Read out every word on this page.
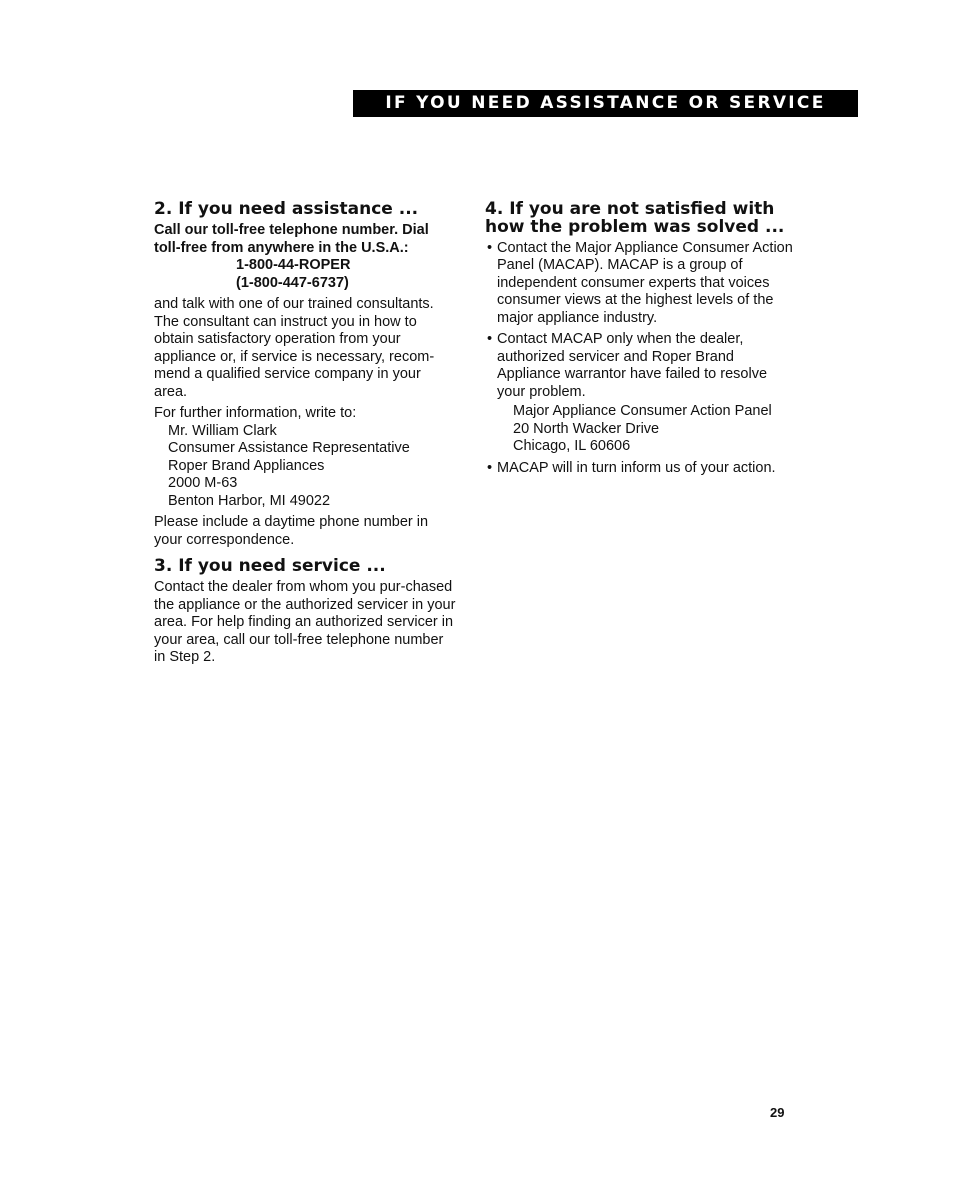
IF YOU NEED ASSISTANCE OR SERVICE
2. If you need assistance ...

Call our toll-free telephone number. Dial toll-free from anywhere in the U.S.A.:

1-800-44-ROPER
(1-800-447-6737)

and talk with one of our trained consultants. The consultant can instruct you in how to obtain satisfactory operation from your appliance or, if service is necessary, recom-mend a qualified service company in your area.

For further information, write to:

Mr. William Clark
Consumer Assistance Representative
Roper Brand Appliances
2000 M-63
Benton Harbor, MI 49022

Please include a daytime phone number in your correspondence.

3. If you need service ...

Contact the dealer from whom you pur-chased the appliance or the authorized servicer in your area. For help finding an authorized servicer in your area, call our toll-free telephone number in Step 2.

4. If you are not satisfied with how the problem was solved ...
• Contact the Major Appliance Consumer Action Panel (MACAP). MACAP is a group of independent consumer experts that voices consumer views at the highest levels of the major appliance industry.
• Contact MACAP only when the dealer, authorized servicer and Roper Brand Appliance warrantor have failed to resolve your problem.
Major Appliance Consumer Action Panel
20 North Wacker Drive
Chicago, IL 60606
• MACAP will in turn inform us of your action.
29
